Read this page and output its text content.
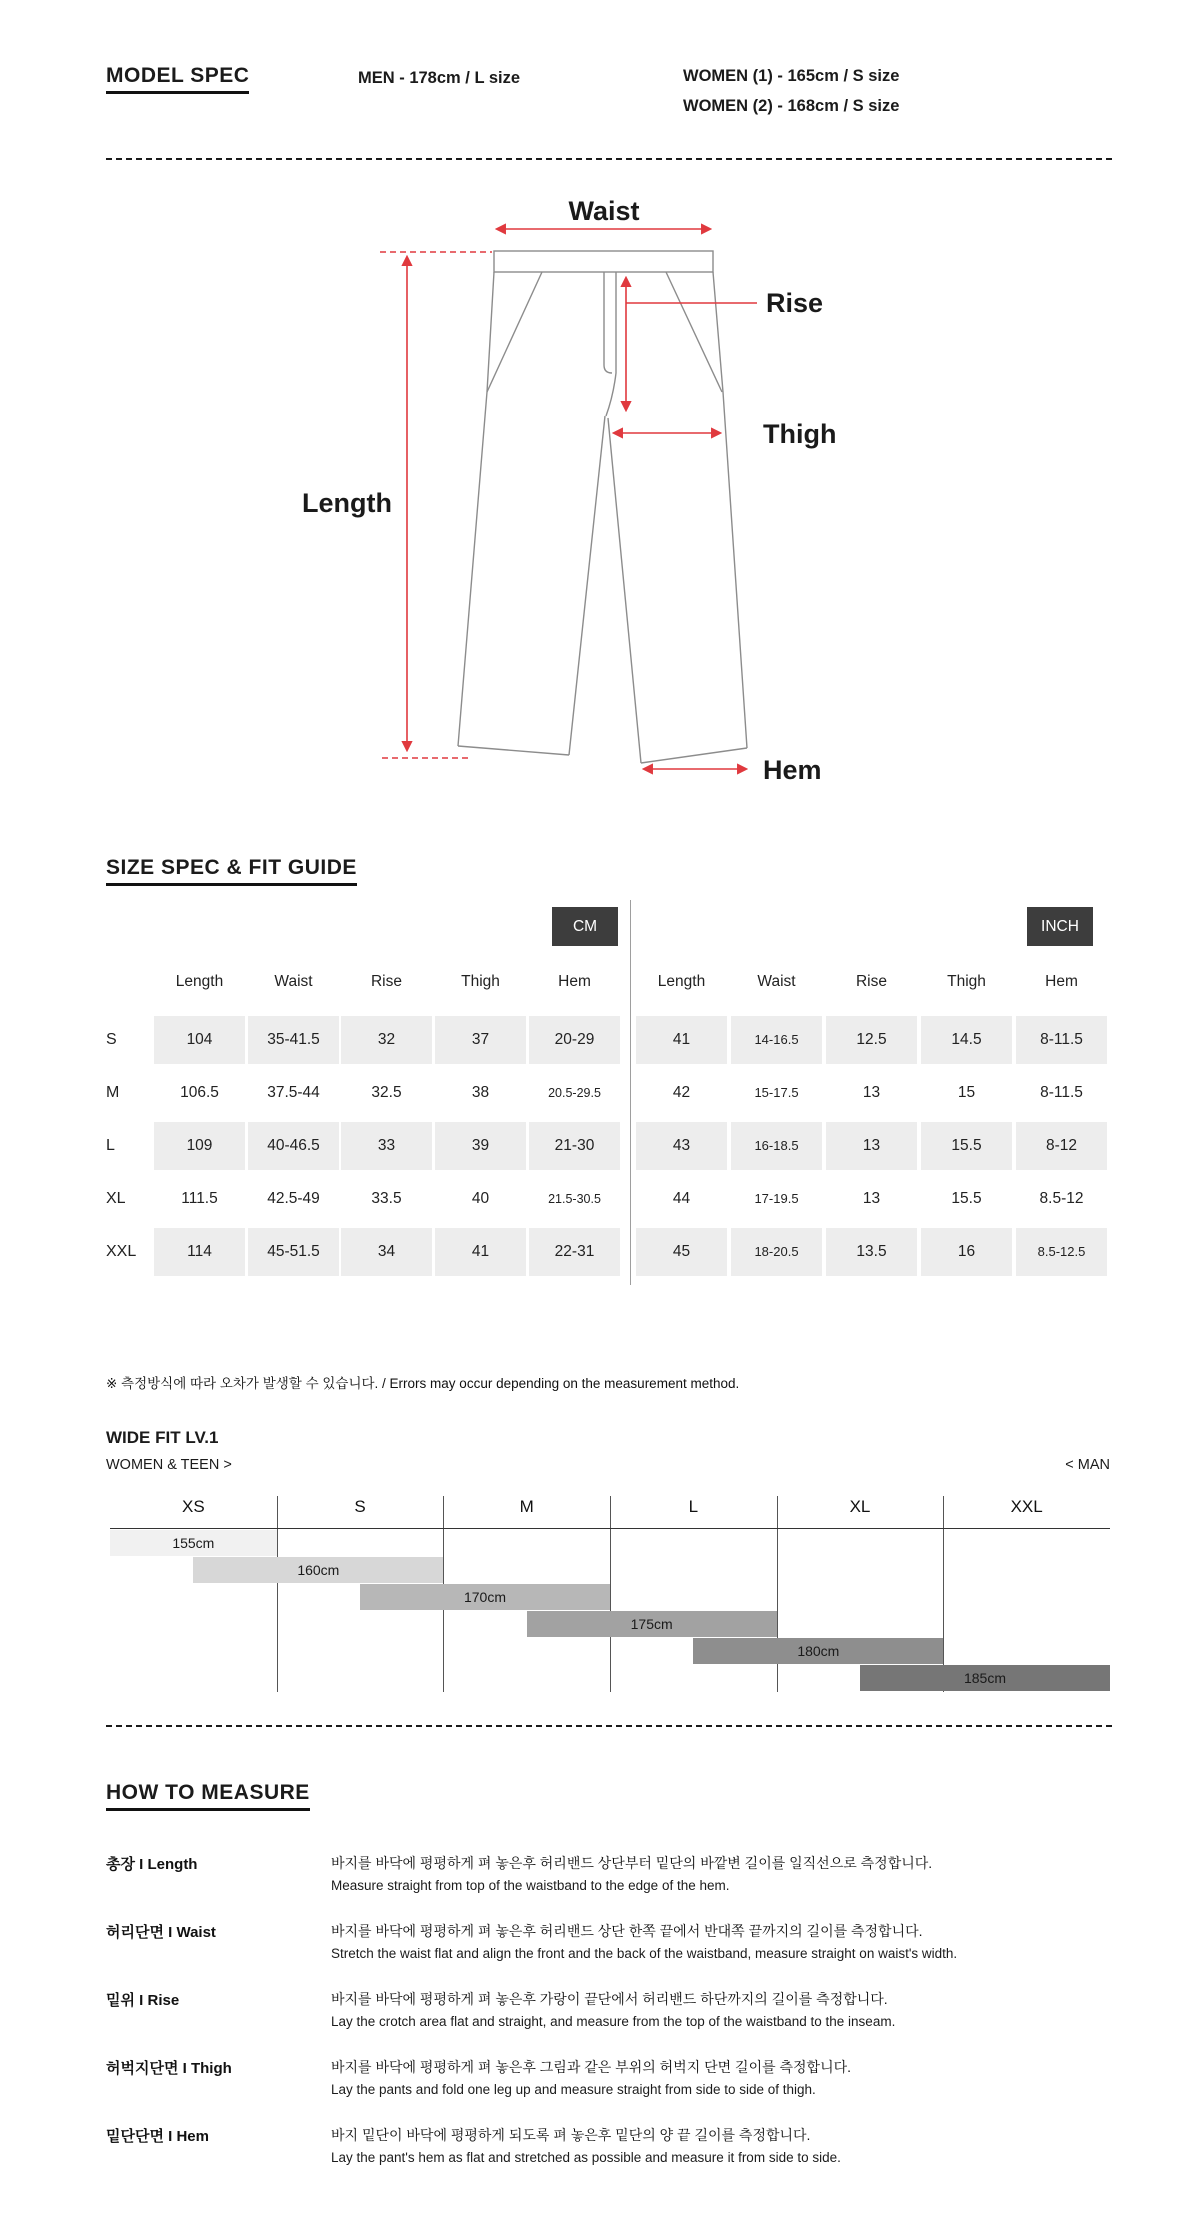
MODEL SPEC	MEN - 178cm / L size	WOMEN (1) - 165cm / S size
WOMEN (2) - 168cm / S size
Waist
Rise
Thigh
Length
Hem
SIZE SPEC & FIT GUIDE
CM	INCH
Length	Waist	Rise	Thigh	Hem
S	104	35-41.5	32	37	20-29
M	106.5	37.5-44	32.5	38	20.5-29.5
L	109	40-46.5	33	39	21-30
XL	111.5	42.5-49	33.5	40	21.5-30.5
XXL	114	45-51.5	34	41	22-31
Length	Waist	Rise	Thigh	Hem
41	14-16.5	12.5	14.5	8-11.5
42	15-17.5	13	15	8-11.5
43	16-18.5	13	15.5	8-12
44	17-19.5	13	15.5	8.5-12
45	18-20.5	13.5	16	8.5-12.5
※ 측정방식에 따라 오차가 발생할 수 있습니다. / Errors may occur depending on the measurement method.
WIDE FIT LV.1
WOMEN & TEEN >	< MAN
XS	S	M	L	XL	XXL
155cm
160cm
170cm
175cm
180cm
185cm
HOW TO MEASURE
총장 I Length	바지를 바닥에 평평하게 펴 놓은후 허리밴드 상단부터 밑단의 바깥변 길이를 일직선으로 측정합니다.
Measure straight from top of the waistband to the edge of the hem.
허리단면 I Waist	바지를 바닥에 평평하게 펴 놓은후 허리밴드 상단 한쪽 끝에서 반대쪽 끝까지의 길이를 측정합니다.
Stretch the waist flat and align the front and the back of the waistband, measure straight on waist's width.
밑위 I Rise	바지를 바닥에 평평하게 펴 놓은후 가랑이 끝단에서 허리밴드 하단까지의 길이를 측정합니다.
Lay the crotch area flat and straight, and measure from the top of the waistband to the inseam.
허벅지단면 I Thigh	바지를 바닥에 평평하게 펴 놓은후 그림과 같은 부위의 허벅지 단면 길이를 측정합니다.
Lay the pants and fold one leg up and measure straight from side to side of thigh.
밑단단면 I Hem	바지 밑단이 바닥에 평평하게 되도록 펴 놓은후 밑단의 양 끝 길이를 측정합니다.
Lay the pant's hem as flat and stretched as possible and measure it from side to side.
